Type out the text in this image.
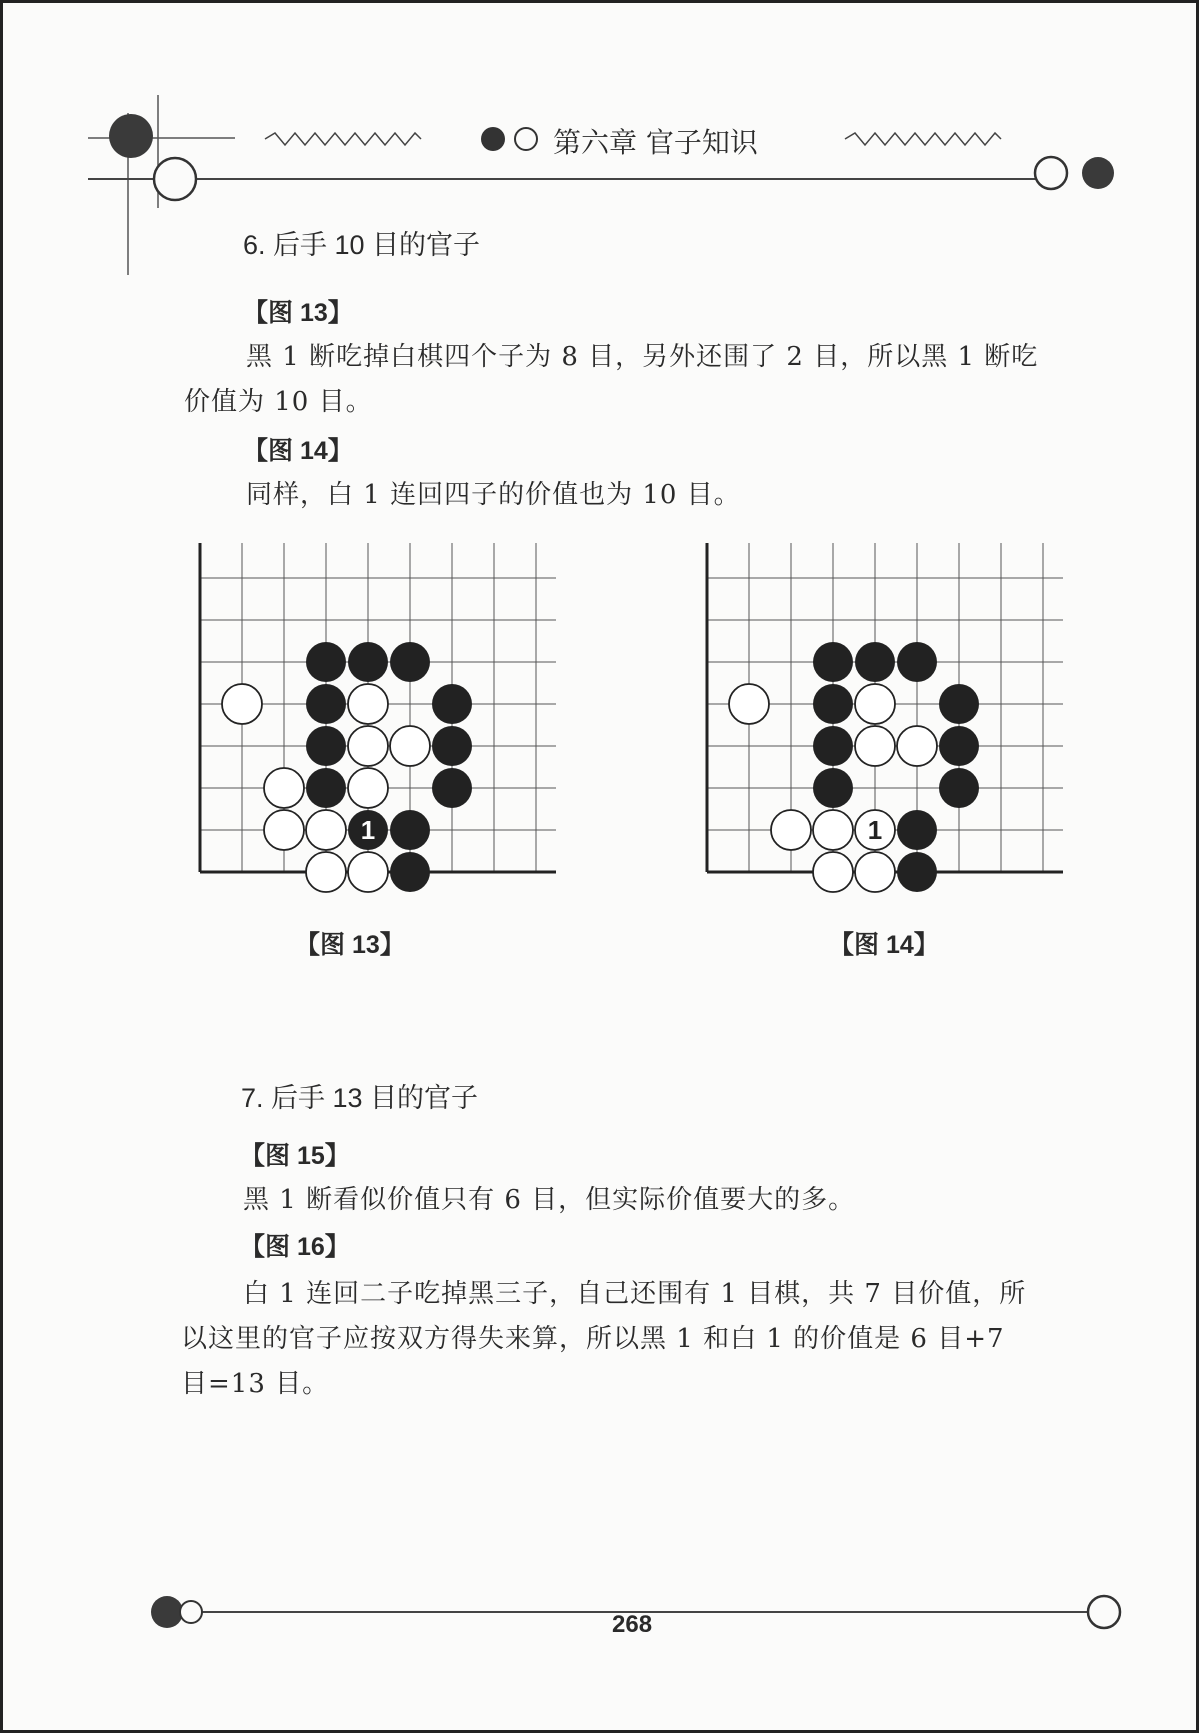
第六章 官子知识
6. 后手 10 目的官子
【图 13】
黑 1 断吃掉白棋四个子为 8 目，另外还围了 2 目，所以黑 1 断吃
价值为 10 目。
【图 14】
同样，白 1 连回四子的价值也为 10 目。
1	1
【图 13】	【图 14】
7. 后手 13 目的官子
【图 15】
黑 1 断看似价值只有 6 目，但实际价值要大的多。
【图 16】
白 1 连回二子吃掉黑三子，自己还围有 1 目棋，共 7 目价值，所
以这里的官子应按双方得失来算，所以黑 1 和白 1 的价值是 6 目+7
目=13 目。
268
